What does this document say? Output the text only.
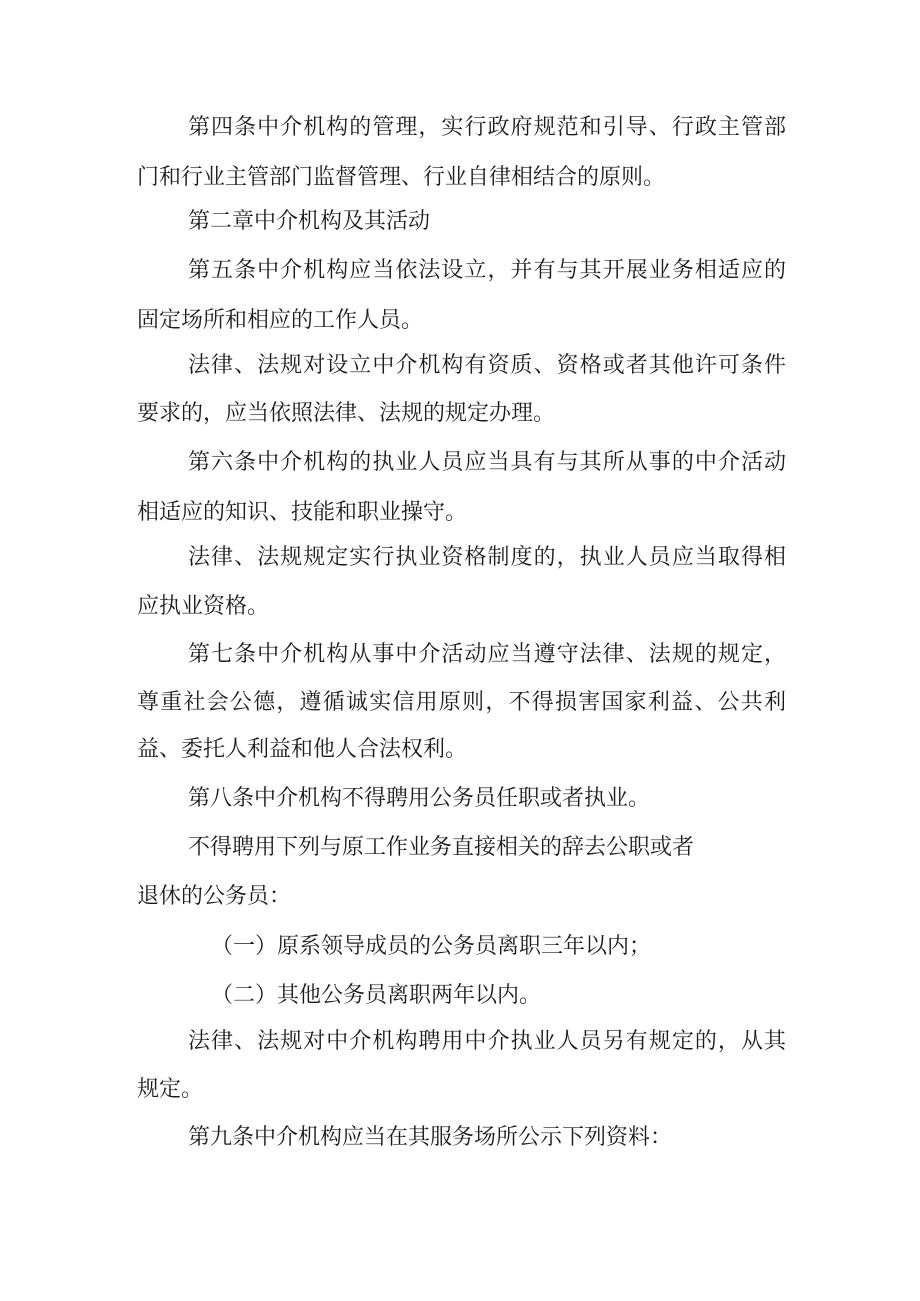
第四条中介机构的管理，实行政府规范和引导、行政主管部

门和行业主管部门监督管理、行业自律相结合的原则。

第二章中介机构及其活动

第五条中介机构应当依法设立，并有与其开展业务相适应的

固定场所和相应的工作人员。

法律、法规对设立中介机构有资质、资格或者其他许可条件

要求的，应当依照法律、法规的规定办理。

第六条中介机构的执业人员应当具有与其所从事的中介活动

相适应的知识、技能和职业操守。

法律、法规规定实行执业资格制度的，执业人员应当取得相

应执业资格。

第七条中介机构从事中介活动应当遵守法律、法规的规定，

尊重社会公德，遵循诚实信用原则，不得损害国家利益、公共利

益、委托人利益和他人合法权利。

第八条中介机构不得聘用公务员任职或者执业。

不得聘用下列与原工作业务直接相关的辞去公职或者

退休的公务员：

（一）原系领导成员的公务员离职三年以内；

（二）其他公务员离职两年以内。

法律、法规对中介机构聘用中介执业人员另有规定的，从其

规定。

第九条中介机构应当在其服务场所公示下列资料：
